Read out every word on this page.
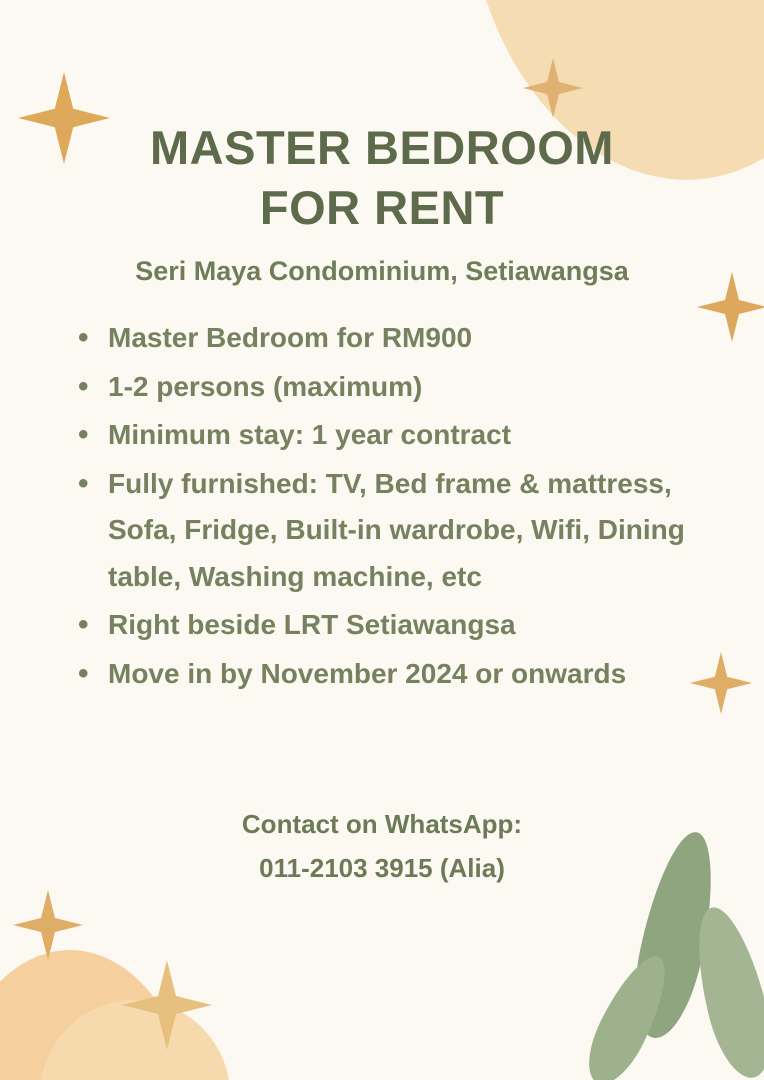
MASTER BEDROOM
FOR RENT
Seri Maya Condominium, Setiawangsa
• Master Bedroom for RM900
• 1-2 persons (maximum)
• Minimum stay: 1 year contract
• Fully furnished: TV, Bed frame & mattress, Sofa, Fridge, Built-in wardrobe, Wifi, Dining table, Washing machine, etc
• Right beside LRT Setiawangsa
• Move in by November 2024 or onwards
Contact on WhatsApp:
011-2103 3915 (Alia)
